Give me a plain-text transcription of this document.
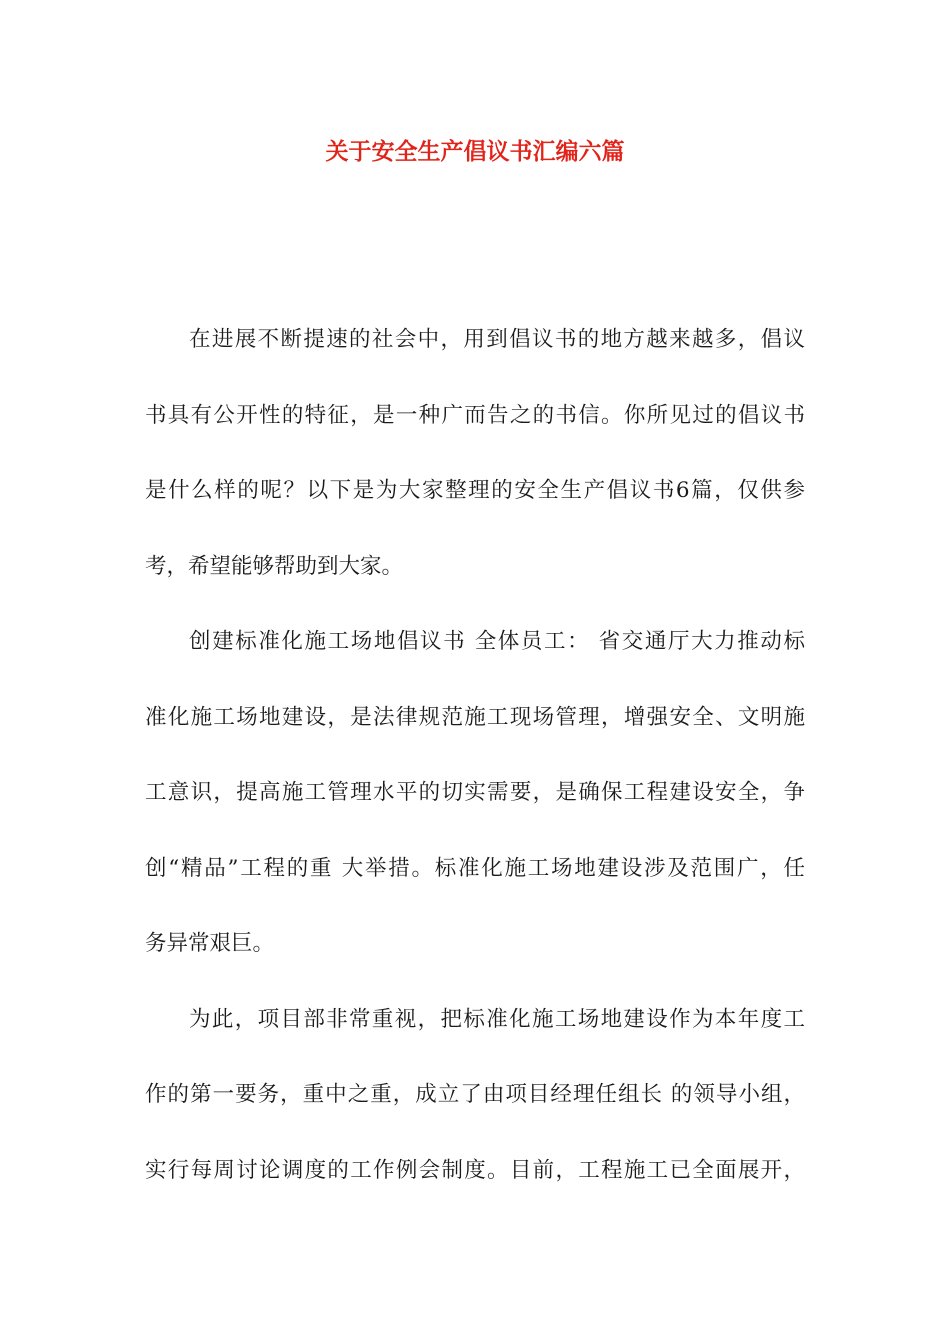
关于安全生产倡议书汇编六篇

在进展不断提速的社会中，用到倡议书的地方越来越多，倡议
书具有公开性的特征，是一种广而告之的书信。你所见过的倡议书
是什么样的呢？以下是为大家整理的安全生产倡议书6篇，仅供参
考，希望能够帮助到大家。

创建标准化施工场地倡议书 全体员工： 省交通厅大力推动标
准化施工场地建设，是法律规范施工现场管理，增强安全、文明施
工意识，提高施工管理水平的切实需要，是确保工程建设安全，争
创“精品”工程的重 大举措。标准化施工场地建设涉及范围广，任
务异常艰巨。

为此，项目部非常重视，把标准化施工场地建设作为本年度工
作的第一要务，重中之重，成立了由项目经理任组长 的领导小组，
实行每周讨论调度的工作例会制度。目前，工程施工已全面展开，
